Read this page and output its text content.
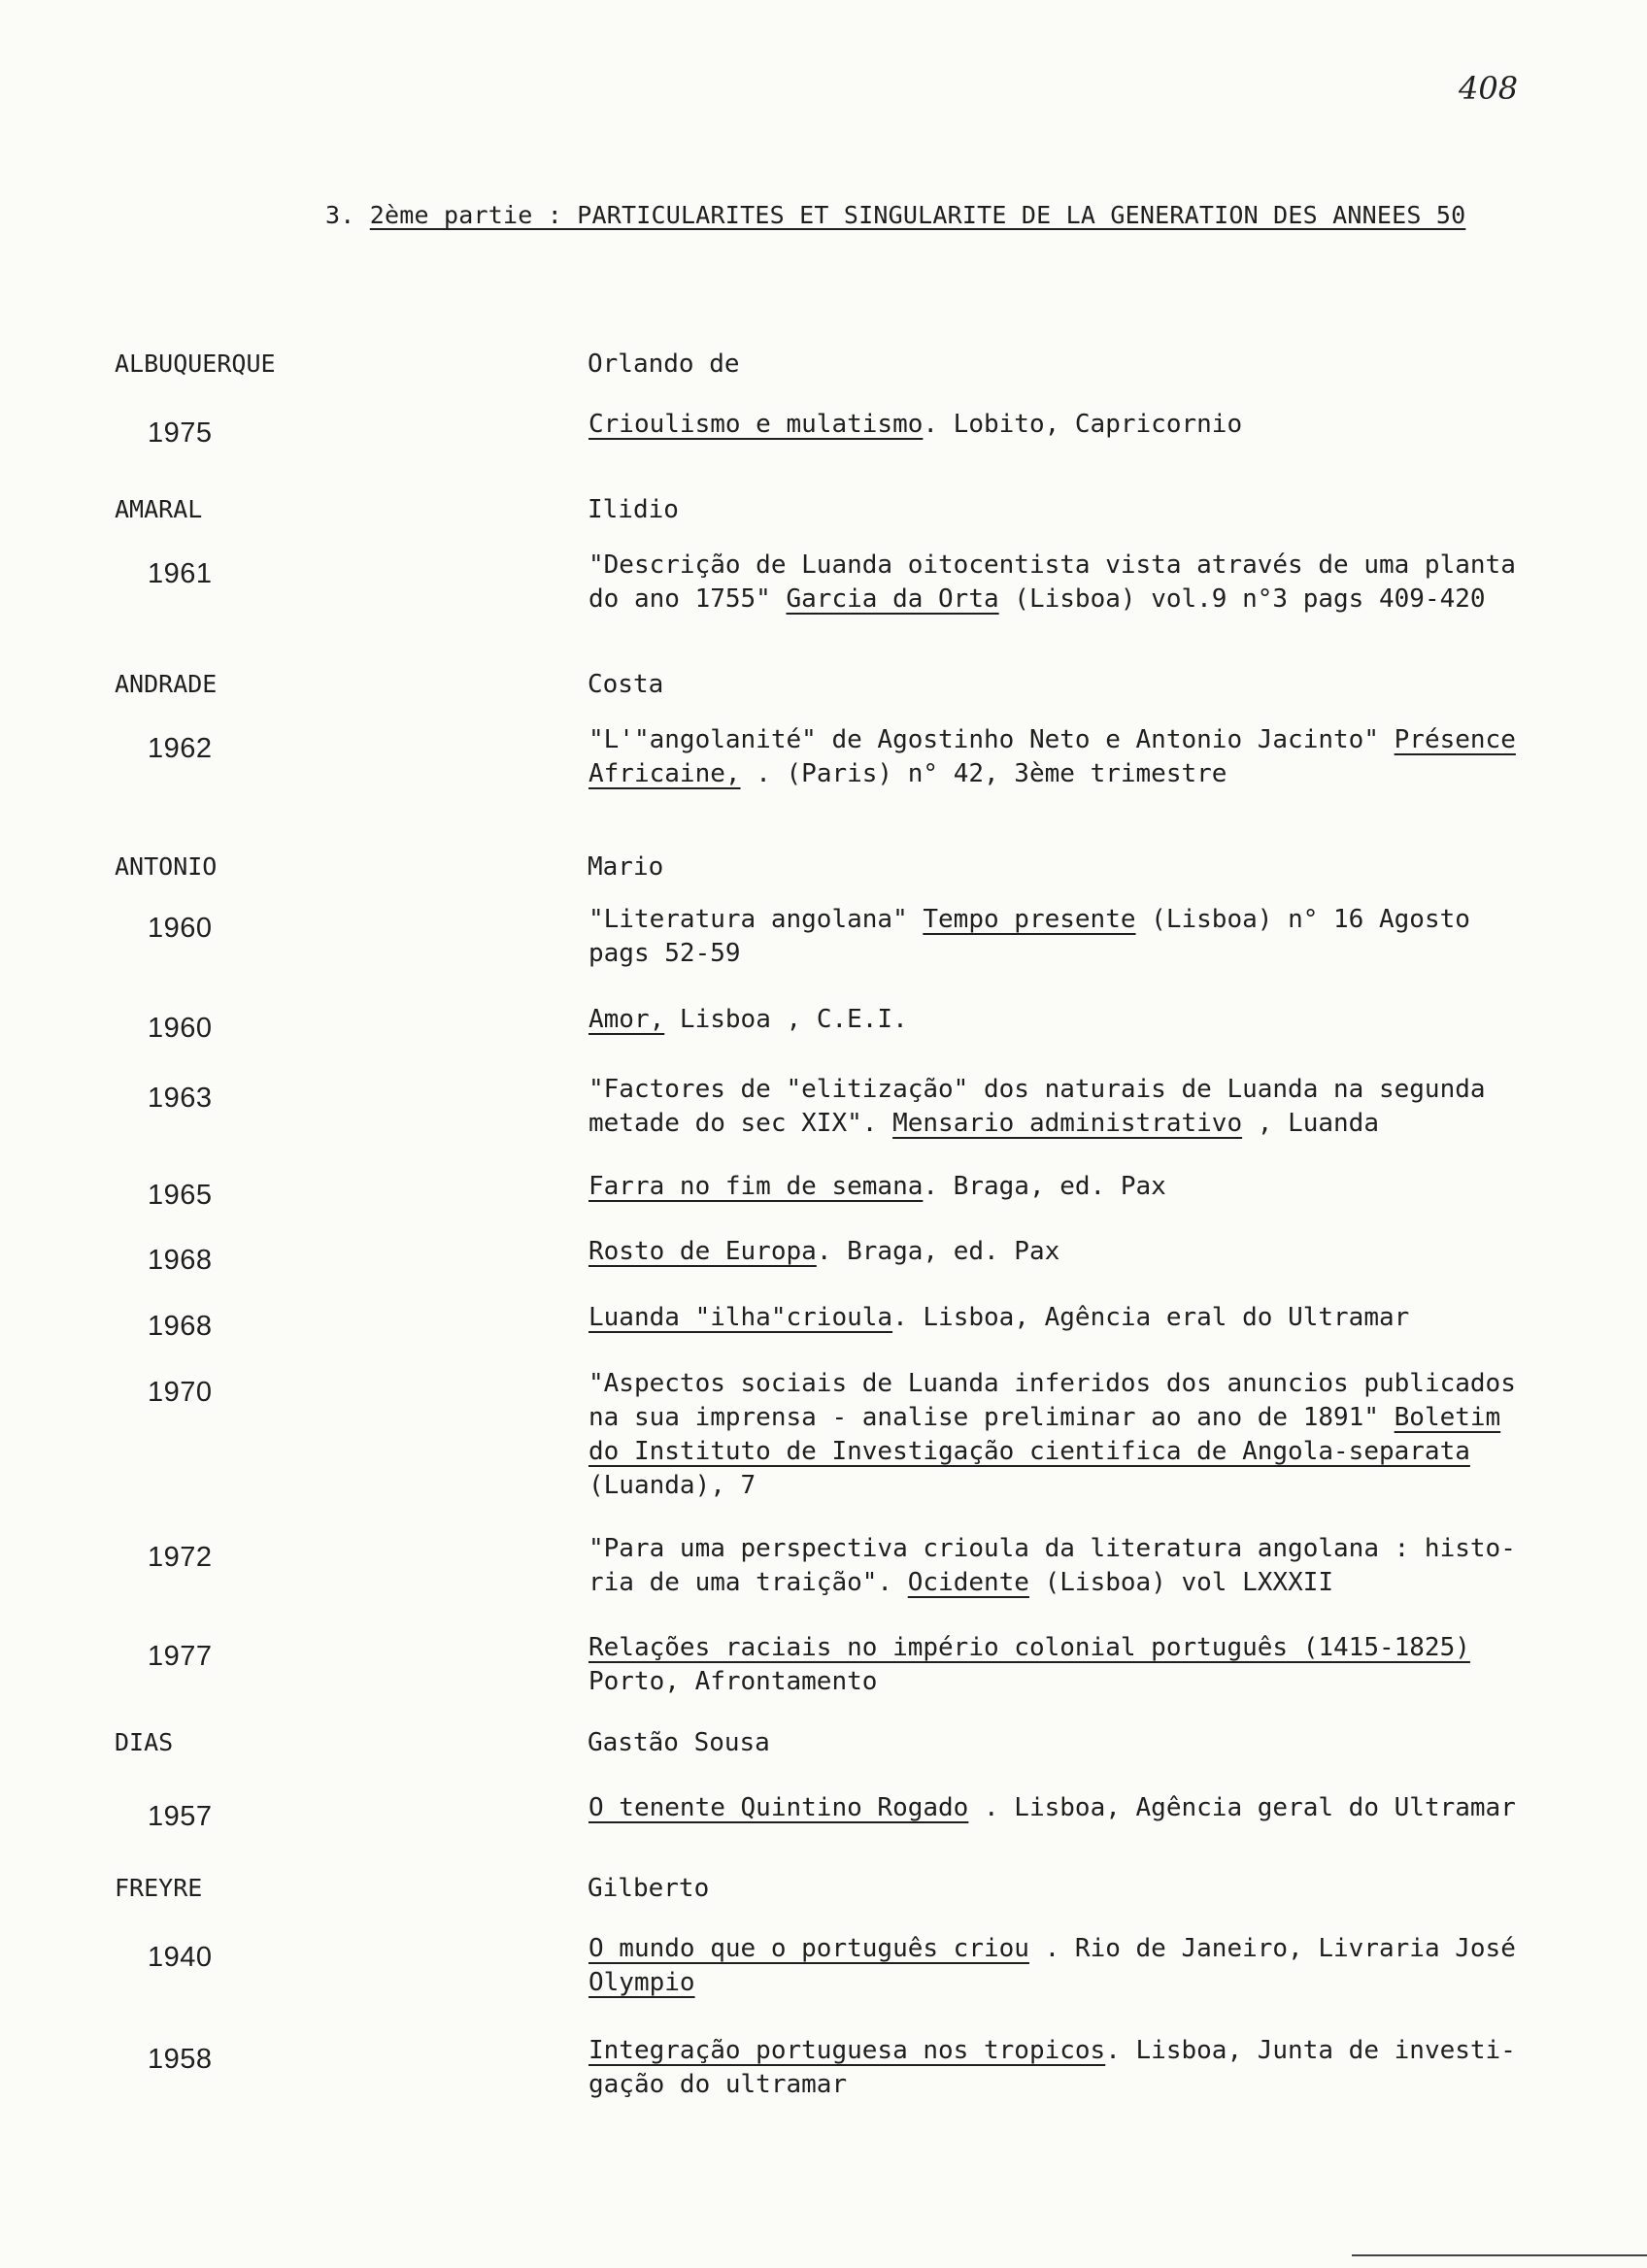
408
3. 2ème partie : PARTICULARITES ET SINGULARITE DE LA GENERATION DES ANNEES 50
ALBUQUERQUE	Orlando de
1975	Crioulismo e mulatismo. Lobito, Capricornio
AMARAL	Ilidio
1961	"Descrição de Luanda oitocentista vista através de uma planta
do ano 1755" Garcia da Orta (Lisboa) vol.9 n°3 pags 409-420
ANDRADE	Costa
1962	"L'"angolanité" de Agostinho Neto e Antonio Jacinto" Présence
Africaine, . (Paris) n° 42, 3ème trimestre
ANTONIO	Mario
1960	"Literatura angolana" Tempo presente (Lisboa) n° 16 Agosto
pags 52-59
1960	Amor, Lisboa , C.E.I.
1963	"Factores de "elitização" dos naturais de Luanda na segunda
metade do sec XIX". Mensario administrativo , Luanda
1965	Farra no fim de semana. Braga, ed. Pax
1968	Rosto de Europa. Braga, ed. Pax
1968	Luanda "ilha"crioula. Lisboa, Agência eral do Ultramar
1970	"Aspectos sociais de Luanda inferidos dos anuncios publicados
na sua imprensa - analise preliminar ao ano de 1891" Boletim
do Instituto de Investigação cientifica de Angola-separata
(Luanda), 7
1972	"Para uma perspectiva crioula da literatura angolana : histo-
ria de uma traição". Ocidente (Lisboa) vol LXXXII
1977	Relações raciais no império colonial português (1415-1825)
Porto, Afrontamento
DIAS	Gastão Sousa
1957	O tenente Quintino Rogado . Lisboa, Agência geral do Ultramar
FREYRE	Gilberto
1940	O mundo que o português criou . Rio de Janeiro, Livraria José
Olympio
1958	Integração portuguesa nos tropicos. Lisboa, Junta de investi-
gação do ultramar
